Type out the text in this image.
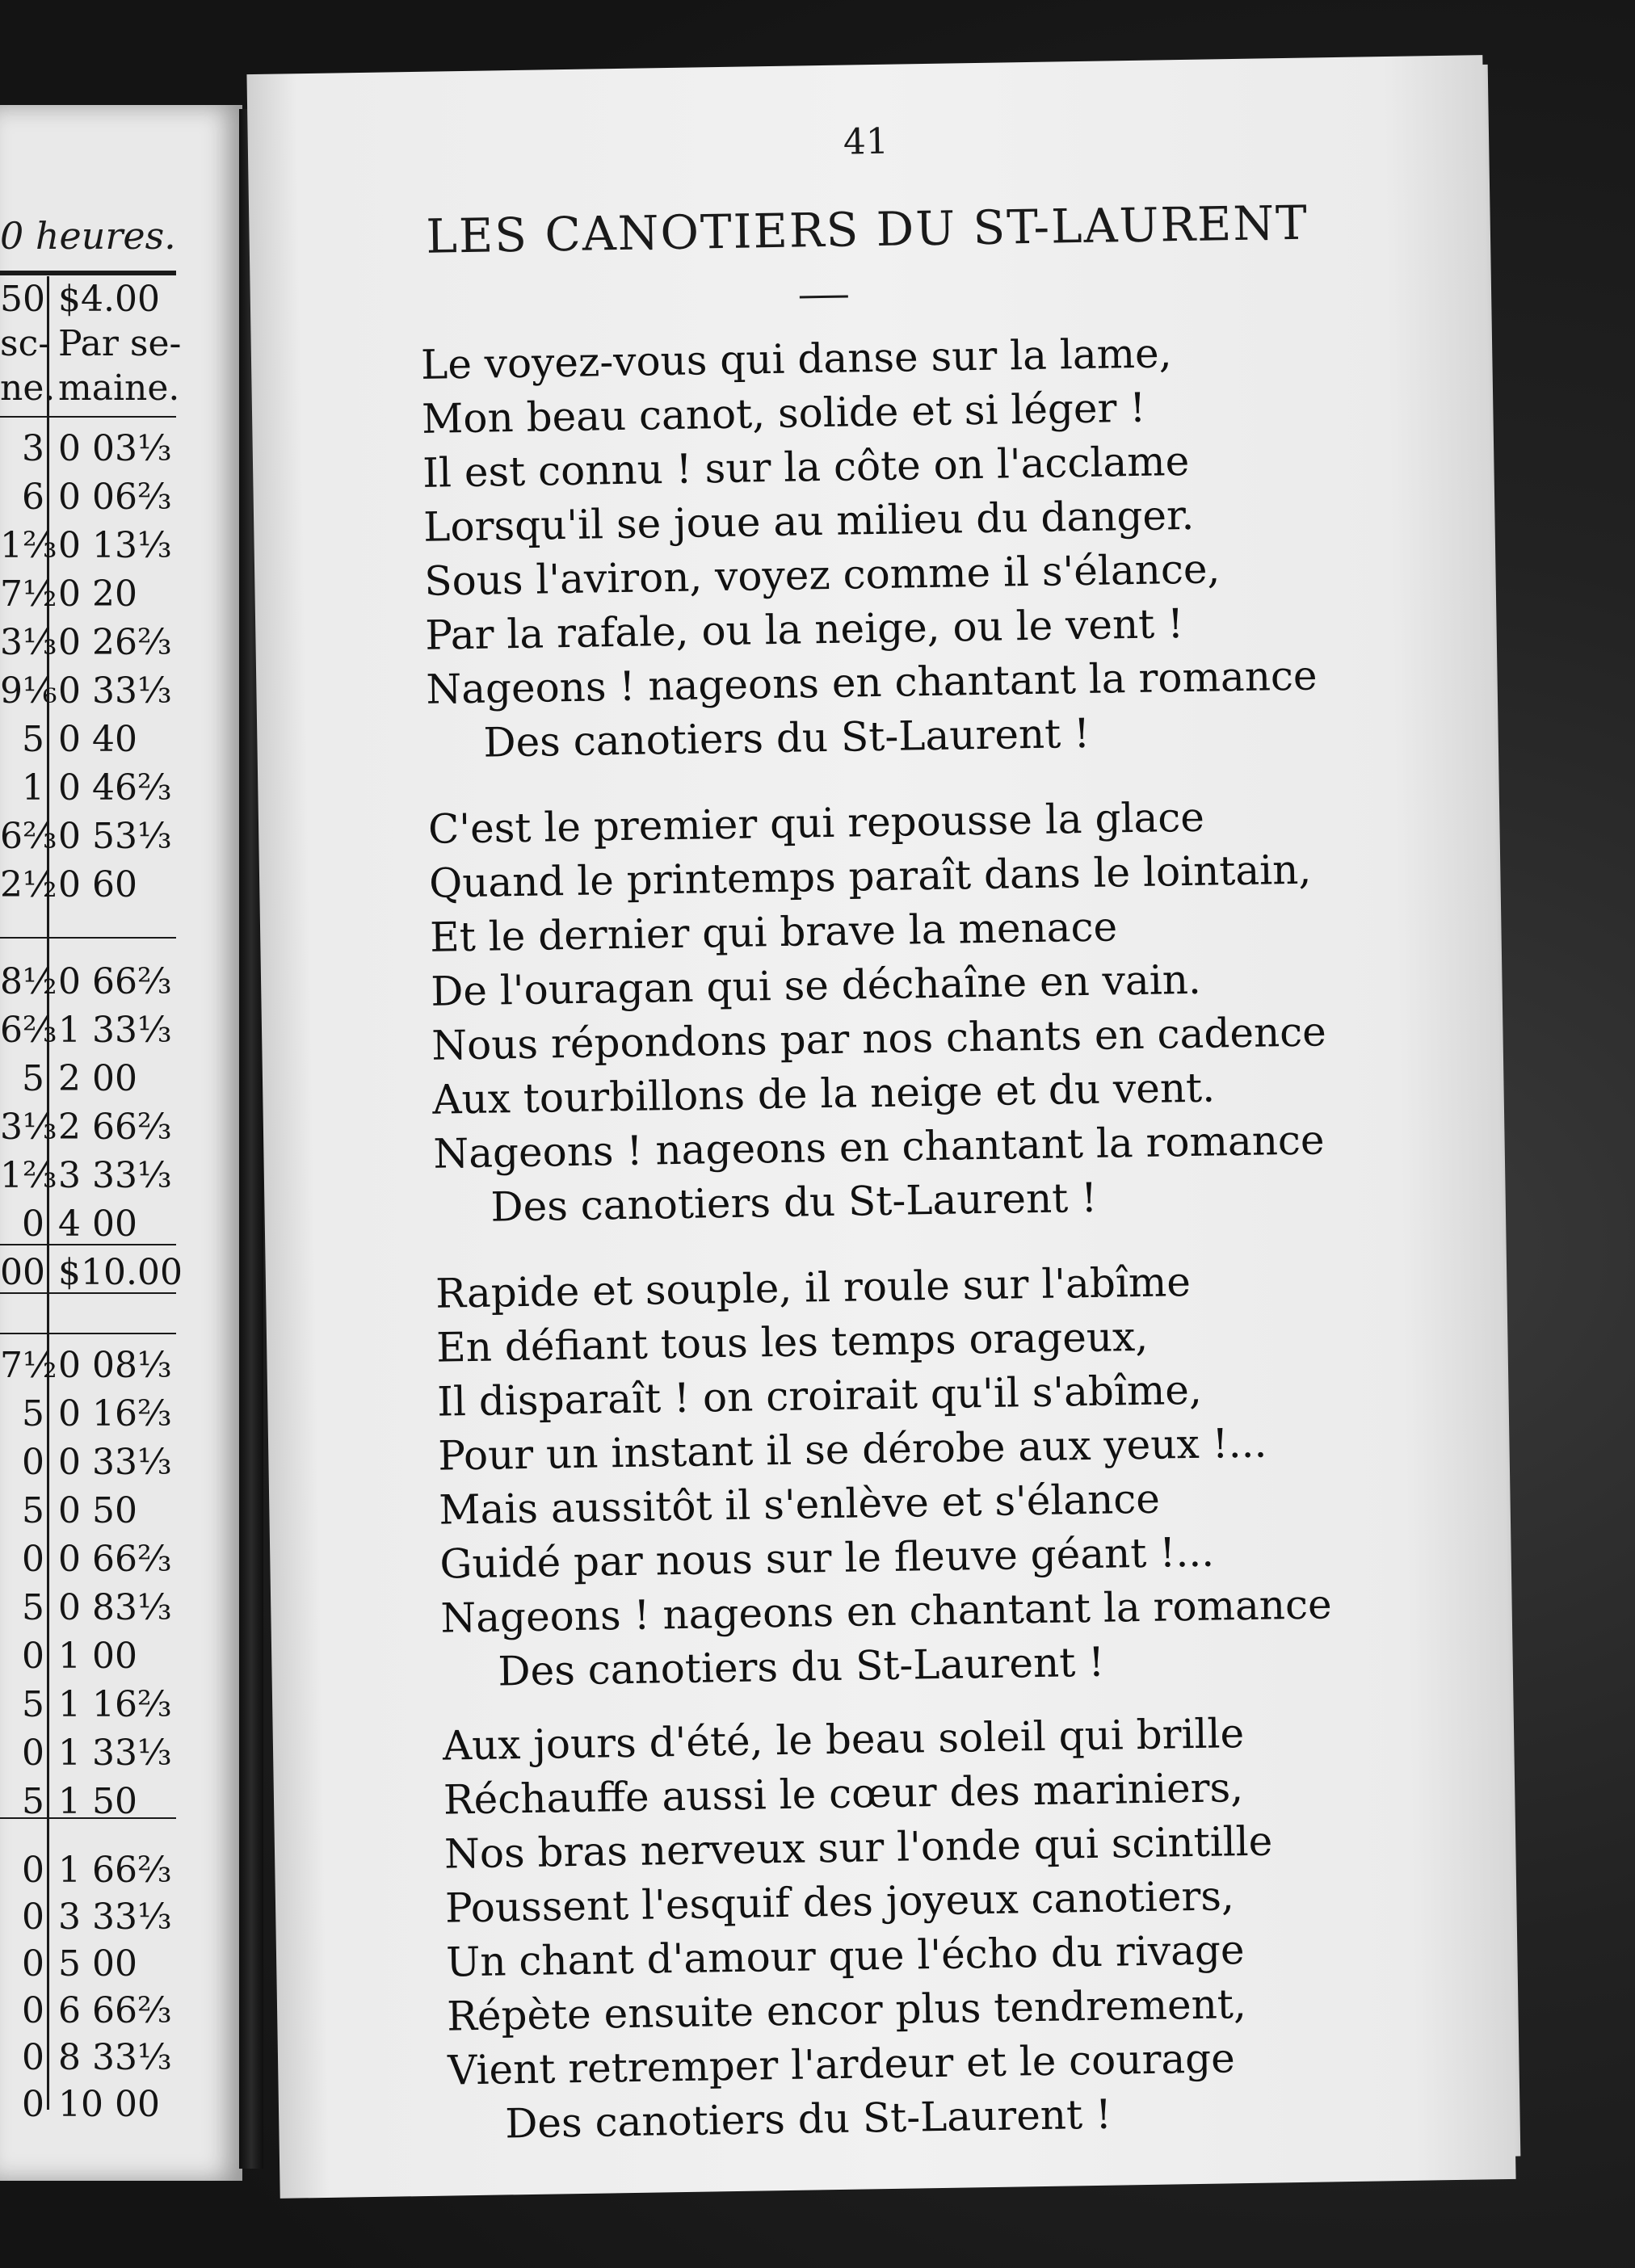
0 heures.
50 $4.00
sc- Par se-
ne. maine.
3 0 03⅓
6 0 06⅔
1⅔ 0 13⅓
7½ 0 20
3⅓ 0 26⅔
9⅙ 0 33⅓
5 0 40
1 0 46⅔
6⅔ 0 53⅓
2½ 0 60
8½ 0 66⅔
6⅔ 1 33⅓
5 2 00
3⅓ 2 66⅔
1⅔ 3 33⅓
0 4 00
00 $10.00
7½ 0 08⅓
5 0 16⅔
0 0 33⅓
5 0 50
0 0 66⅔
5 0 83⅓
0 1 00
5 1 16⅔
0 1 33⅓
5 1 50
0 1 66⅔
0 3 33⅓
0 5 00
0 6 66⅔
0 8 33⅓
0 10 00
41
LES CANOTIERS DU ST-LAURENT
Le voyez-vous qui danse sur la lame,
Mon beau canot, solide et si léger !
Il est connu ! sur la côte on l'acclame
Lorsqu'il se joue au milieu du danger.
Sous l'aviron, voyez comme il s'élance,
Par la rafale, ou la neige, ou le vent !
Nageons ! nageons en chantant la romance
Des canotiers du St-Laurent !
C'est le premier qui repousse la glace
Quand le printemps paraît dans le lointain,
Et le dernier qui brave la menace
De l'ouragan qui se déchaîne en vain.
Nous répondons par nos chants en cadence
Aux tourbillons de la neige et du vent.
Nageons ! nageons en chantant la romance
Des canotiers du St-Laurent !
Rapide et souple, il roule sur l'abîme
En défiant tous les temps orageux,
Il disparaît ! on croirait qu'il s'abîme,
Pour un instant il se dérobe aux yeux !...
Mais aussitôt il s'enlève et s'élance
Guidé par nous sur le fleuve géant !...
Nageons ! nageons en chantant la romance
Des canotiers du St-Laurent !
Aux jours d'été, le beau soleil qui brille
Réchauffe aussi le cœur des mariniers,
Nos bras nerveux sur l'onde qui scintille
Poussent l'esquif des joyeux canotiers,
Un chant d'amour que l'écho du rivage
Répète ensuite encor plus tendrement,
Vient retremper l'ardeur et le courage
Des canotiers du St-Laurent !
